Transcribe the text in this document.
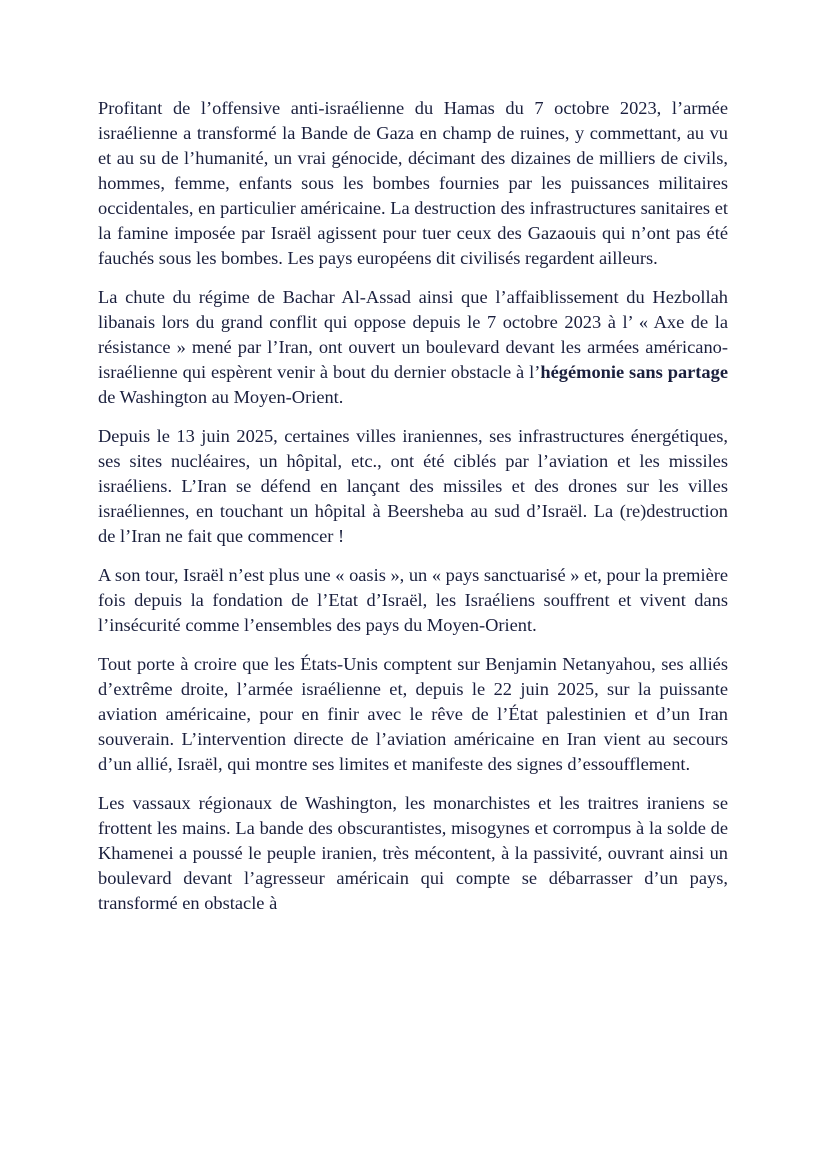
Profitant de l’offensive anti-israélienne du Hamas du 7 octobre 2023, l’armée israélienne a transformé la Bande de Gaza en champ de ruines, y commettant, au vu et au su de l’humanité, un vrai génocide, décimant des dizaines de milliers de civils, hommes, femme, enfants sous les bombes fournies par les puissances militaires occidentales, en particulier américaine. La destruction des infrastructures sanitaires et la famine imposée par Israël agissent pour tuer ceux des Gazaouis qui n’ont pas été fauchés sous les bombes. Les pays européens dit civilisés regardent ailleurs.

La chute du régime de Bachar Al-Assad ainsi que l’affaiblissement du Hezbollah libanais lors du grand conflit qui oppose depuis le 7 octobre 2023 à l’ « Axe de la résistance » mené par l’Iran, ont ouvert un boulevard devant les armées américano-israélienne qui espèrent venir à bout du dernier obstacle à l’hégémonie sans partage de Washington au Moyen-Orient.

Depuis le 13 juin 2025, certaines villes iraniennes, ses infrastructures énergétiques, ses sites nucléaires, un hôpital, etc., ont été ciblés par l’aviation et les missiles israéliens. L’Iran se défend en lançant des missiles et des drones sur les villes israéliennes, en touchant un hôpital à Beersheba au sud d’Israël. La (re)destruction de l’Iran ne fait que commencer !

A son tour, Israël n’est plus une « oasis », un « pays sanctuarisé » et, pour la première fois depuis la fondation de l’Etat d’Israël, les Israéliens souffrent et vivent dans l’insécurité comme l’ensembles des pays du Moyen-Orient.

Tout porte à croire que les États-Unis comptent sur Benjamin Netanyahou, ses alliés d’extrême droite, l’armée israélienne et, depuis le 22 juin 2025, sur la puissante aviation américaine, pour en finir avec le rêve de l’État palestinien et d’un Iran souverain. L’intervention directe de l’aviation américaine en Iran vient au secours d’un allié, Israël, qui montre ses limites et manifeste des signes d’essoufflement.

Les vassaux régionaux de Washington, les monarchistes et les traitres iraniens se frottent les mains. La bande des obscurantistes, misogynes et corrompus à la solde de Khamenei a poussé le peuple iranien, très mécontent, à la passivité, ouvrant ainsi un boulevard devant l’agresseur américain qui compte se débarrasser d’un pays, transformé en obstacle à
